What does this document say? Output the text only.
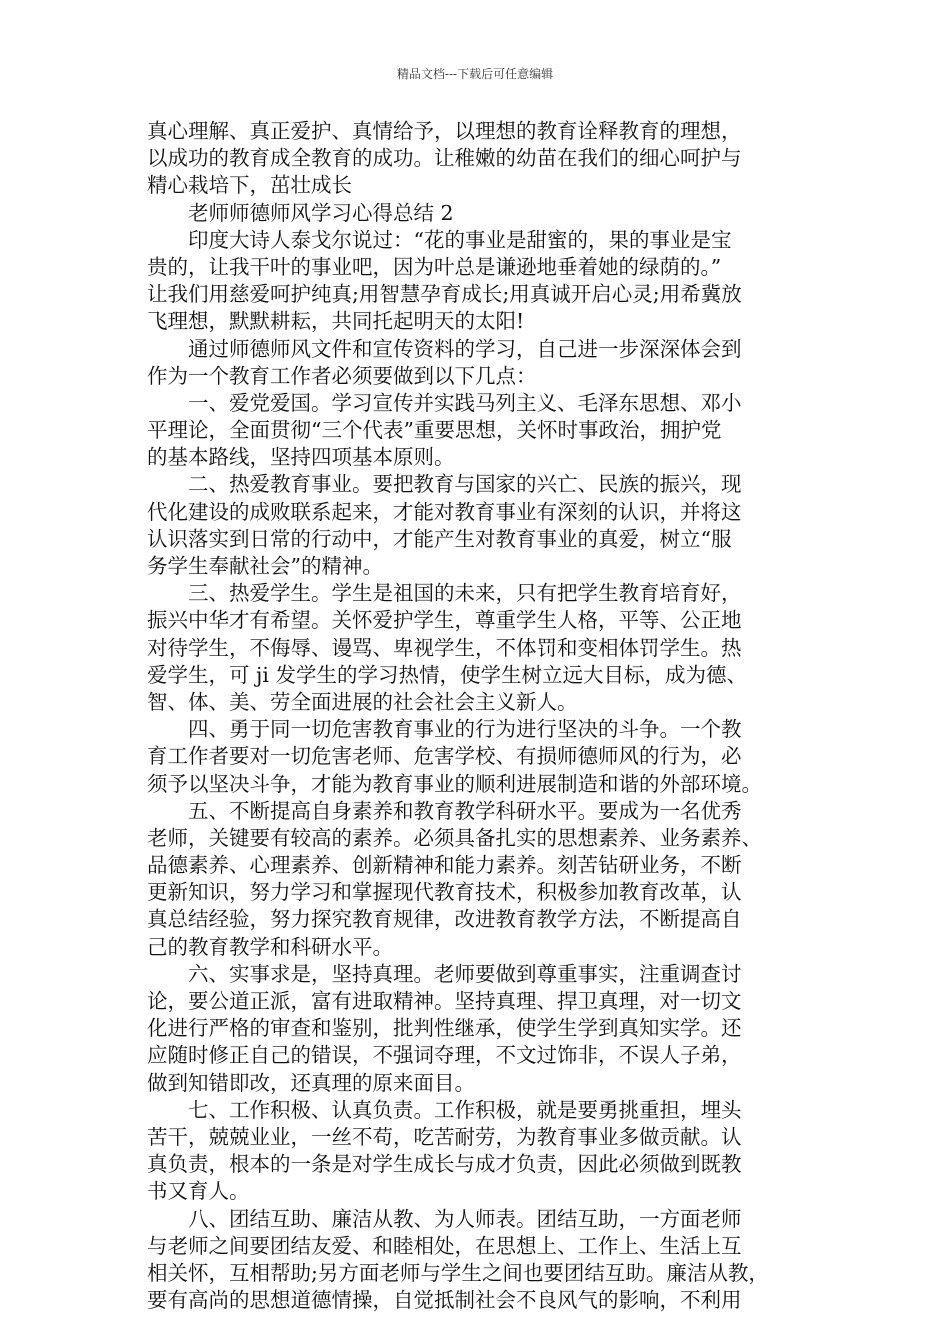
精品文档---下载后可任意编辑
真心理解、真正爱护、真情给予，以理想的教育诠释教育的理想，
以成功的教育成全教育的成功。让稚嫩的幼苗在我们的细心呵护与
精心栽培下，茁壮成长
老师师德师风学习心得总结 2
印度大诗人泰戈尔说过：“花的事业是甜蜜的，果的事业是宝
贵的，让我干叶的事业吧，因为叶总是谦逊地垂着她的绿荫的。”
让我们用慈爱呵护纯真;用智慧孕育成长;用真诚开启心灵;用希冀放
飞理想，默默耕耘，共同托起明天的太阳!
通过师德师风文件和宣传资料的学习，自己进一步深深体会到
作为一个教育工作者必须要做到以下几点：
一、爱党爱国。学习宣传并实践马列主义、毛泽东思想、邓小
平理论，全面贯彻“三个代表”重要思想，关怀时事政治，拥护党
的基本路线，坚持四项基本原则。
二、热爱教育事业。要把教育与国家的兴亡、民族的振兴，现
代化建设的成败联系起来，才能对教育事业有深刻的认识，并将这
认识落实到日常的行动中，才能产生对教育事业的真爱，树立“服
务学生奉献社会”的精神。
三、热爱学生。学生是祖国的未来，只有把学生教育培育好，
振兴中华才有希望。关怀爱护学生，尊重学生人格，平等、公正地
对待学生，不侮辱、谩骂、卑视学生，不体罚和变相体罚学生。热
爱学生，可 ji 发学生的学习热情，使学生树立远大目标，成为德、
智、体、美、劳全面进展的社会社会主义新人。
四、勇于同一切危害教育事业的行为进行坚决的斗争。一个教
育工作者要对一切危害老师、危害学校、有损师德师风的行为，必
须予以坚决斗争，才能为教育事业的顺利进展制造和谐的外部环境。
五、不断提高自身素养和教育教学科研水平。要成为一名优秀
老师，关键要有较高的素养。必须具备扎实的思想素养、业务素养、
品德素养、心理素养、创新精神和能力素养。刻苦钻研业务，不断
更新知识，努力学习和掌握现代教育技术，积极参加教育改革，认
真总结经验，努力探究教育规律，改进教育教学方法，不断提高自
己的教育教学和科研水平。
六、实事求是，坚持真理。老师要做到尊重事实，注重调查讨
论，要公道正派，富有进取精神。坚持真理、捍卫真理，对一切文
化进行严格的审查和鉴别，批判性继承，使学生学到真知实学。还
应随时修正自己的错误，不强词夺理，不文过饰非，不误人子弟，
做到知错即改，还真理的原来面目。
七、工作积极、认真负责。工作积极，就是要勇挑重担，埋头
苦干，兢兢业业，一丝不苟，吃苦耐劳，为教育事业多做贡献。认
真负责，根本的一条是对学生成长与成才负责，因此必须做到既教
书又育人。
八、团结互助、廉洁从教、为人师表。团结互助，一方面老师
与老师之间要团结友爱、和睦相处，在思想上、工作上、生活上互
相关怀，互相帮助;另方面老师与学生之间也要团结互助。廉洁从教，
要有高尚的思想道德情操，自觉抵制社会不良风气的影响，不利用
